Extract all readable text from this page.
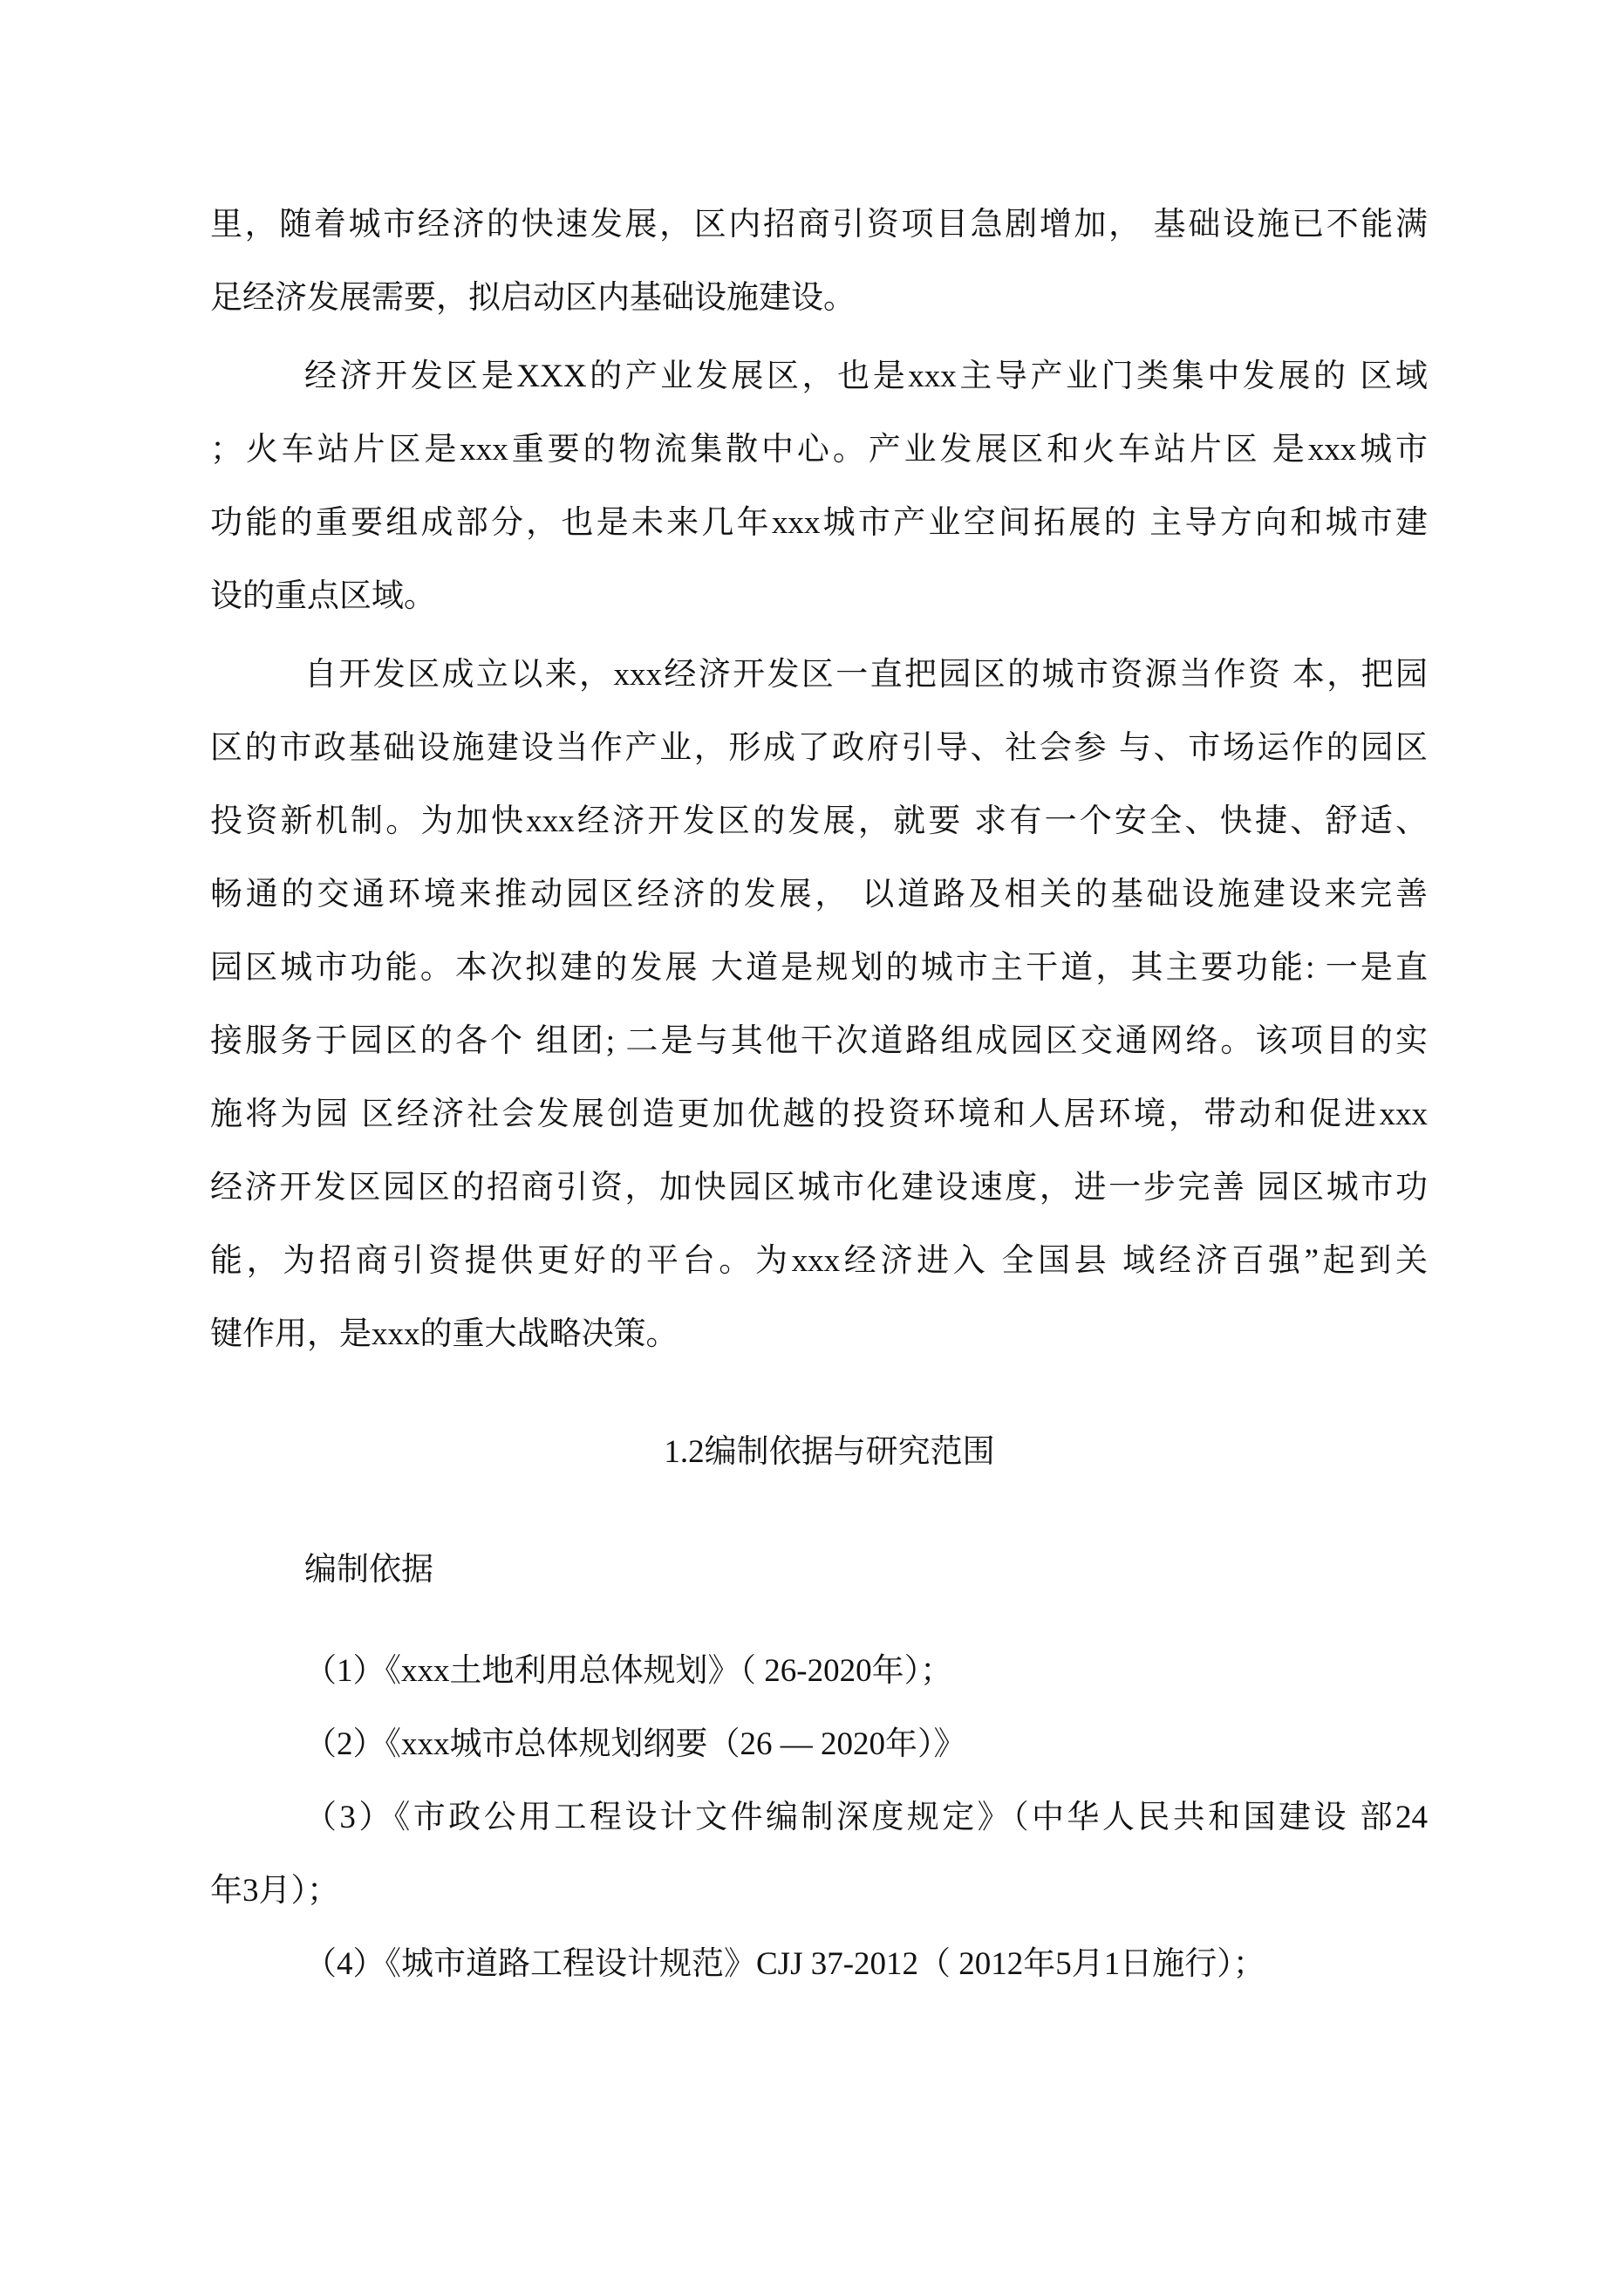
里，随着城市经济的快速发展，区内招商引资项目急剧增加， 基础设施已不能满
足经济发展需要，拟启动区内基础设施建设。
经济开发区是XXX的产业发展区，也是xxx主导产业门类集中发展的 区域
；火车站片区是xxx重要的物流集散中心。产业发展区和火车站片区 是xxx城市
功能的重要组成部分，也是未来几年xxx城市产业空间拓展的 主导方向和城市建
设的重点区域。
自开发区成立以来，xxx经济开发区一直把园区的城市资源当作资 本，把园
区的市政基础设施建设当作产业，形成了政府引导、社会参 与、市场运作的园区
投资新机制。为加快xxx经济开发区的发展，就要 求有一个安全、快捷、舒适、
畅通的交通环境来推动园区经济的发展， 以道路及相关的基础设施建设来完善
园区城市功能。本次拟建的发展 大道是规划的城市主干道，其主要功能: 一是直
接服务于园区的各个 组团; 二是与其他干次道路组成园区交通网络。该项目的实
施将为园 区经济社会发展创造更加优越的投资环境和人居环境，带动和促进xxx
经济开发区园区的招商引资，加快园区城市化建设速度，进一步完善 园区城市功
能，为招商引资提供更好的平台。为xxx经济进入 全国县 域经济百强”起到关
键作用，是xxx的重大战略决策。
1.2编制依据与研究范围
编制依据
（1）《xxx土地利用总体规划》（ 26-2020年）；
（2）《xxx城市总体规划纲要（26 — 2020年）》
（3）《市政公用工程设计文件编制深度规定》（中华人民共和国建设 部24
年3月）；
（4）《城市道路工程设计规范》CJJ 37-2012（ 2012年5月1日施行）；
